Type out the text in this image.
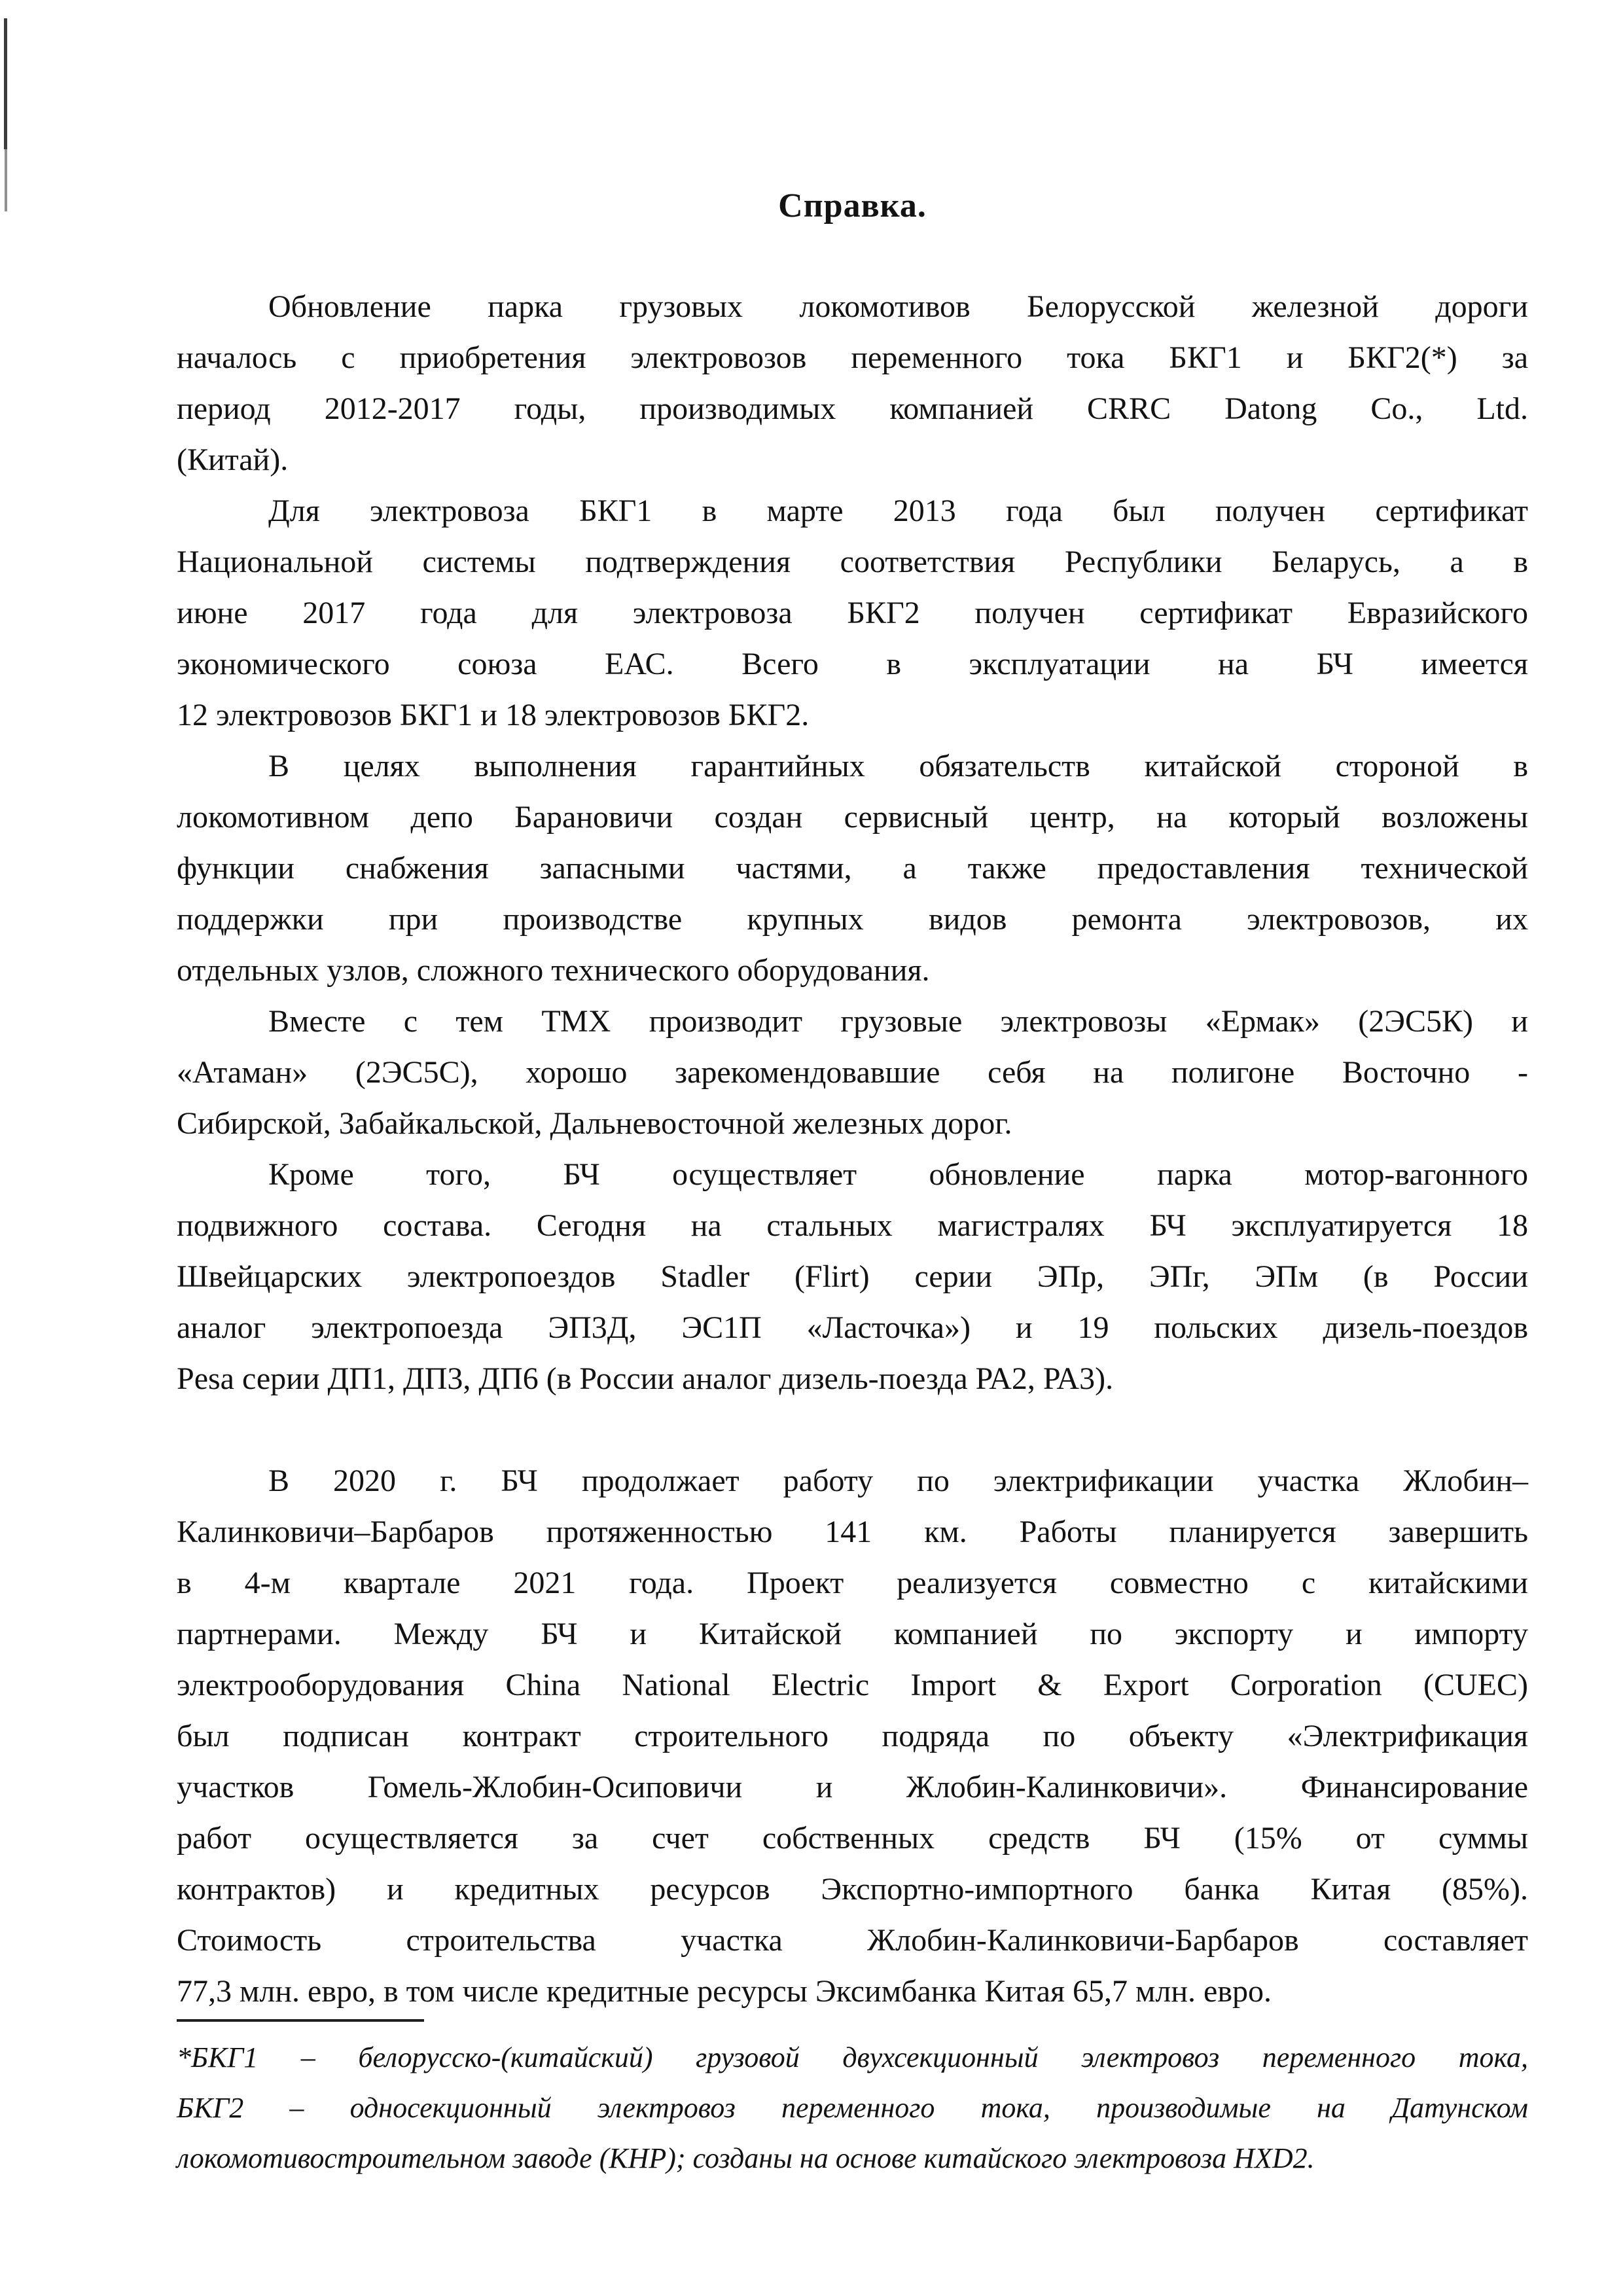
Справка.
Обновление парка грузовых локомотивов Белорусской железной дороги
началось с приобретения электровозов переменного тока БКГ1 и БКГ2(*) за
период 2012-2017 годы, производимых компанией CRRC Datong Co., Ltd.
(Китай).
Для электровоза БКГ1 в марте 2013 года был получен сертификат
Национальной системы подтверждения соответствия Республики Беларусь, а в
июне 2017 года для электровоза БКГ2 получен сертификат Евразийского
экономического союза ЕАС. Всего в эксплуатации на БЧ имеется
12 электровозов БКГ1 и 18 электровозов БКГ2.
В целях выполнения гарантийных обязательств китайской стороной в
локомотивном депо Барановичи создан сервисный центр, на который возложены
функции снабжения запасными частями, а также предоставления технической
поддержки при производстве крупных видов ремонта электровозов, их
отдельных узлов, сложного технического оборудования.
Вместе с тем ТМХ производит грузовые электровозы «Ермак» (2ЭС5К) и
«Атаман» (2ЭС5С), хорошо зарекомендовавшие себя на полигоне Восточно -
Сибирской, Забайкальской, Дальневосточной железных дорог.
Кроме того, БЧ осуществляет обновление парка мотор-вагонного
подвижного состава. Сегодня на стальных магистралях БЧ эксплуатируется 18
Швейцарских электропоездов Stadler (Flirt) серии ЭПр, ЭПг, ЭПм (в России
аналог электропоезда ЭП3Д, ЭС1П «Ласточка») и 19 польских дизель-поездов
Pesa серии ДП1, ДП3, ДП6 (в России аналог дизель-поезда РА2, РА3).
В 2020 г. БЧ продолжает работу по электрификации участка Жлобин–
Калинковичи–Барбаров протяженностью 141 км. Работы планируется завершить
в 4-м квартале 2021 года. Проект реализуется совместно с китайскими
партнерами. Между БЧ и Китайской компанией по экспорту и импорту
электрооборудования China National Electric Import & Export Corporation (CUEC)
был подписан контракт строительного подряда по объекту «Электрификация
участков Гомель-Жлобин-Осиповичи и Жлобин-Калинковичи». Финансирование
работ осуществляется за счет собственных средств БЧ (15% от суммы
контрактов) и кредитных ресурсов Экспортно-импортного банка Китая (85%).
Стоимость строительства участка Жлобин-Калинковичи-Барбаров составляет
77,3 млн. евро, в том числе кредитные ресурсы Эксимбанка Китая 65,7 млн. евро.
*БКГ1 – белорусско-(китайский) грузовой двухсекционный электровоз переменного тока,
БКГ2 – односекционный электровоз переменного тока, производимые на Датунском
локомотивостроительном заводе (КНР); созданы на основе китайского электровоза HXD2.
